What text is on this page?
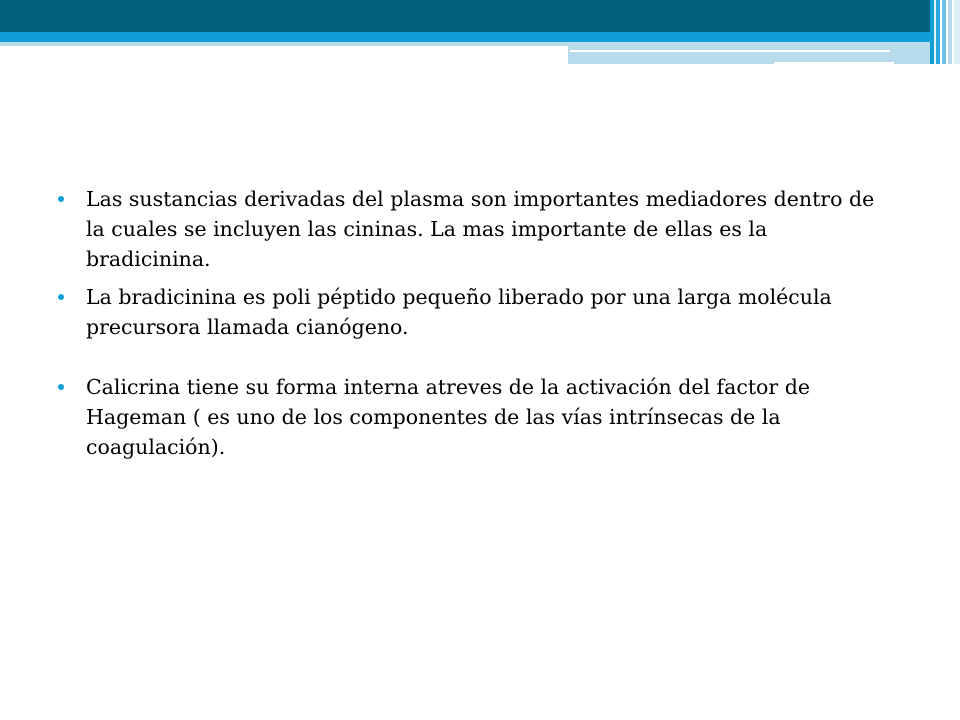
Las sustancias derivadas del plasma son importantes mediadores dentro de la cuales se incluyen las cininas. La mas importante de ellas es la bradicinina.
La bradicinina es poli péptido pequeño liberado por una larga molécula precursora llamada cianógeno.
Calicrina tiene su forma interna atreves de la activación del factor de Hageman ( es uno de los componentes de las vías intrínsecas de la coagulación).
